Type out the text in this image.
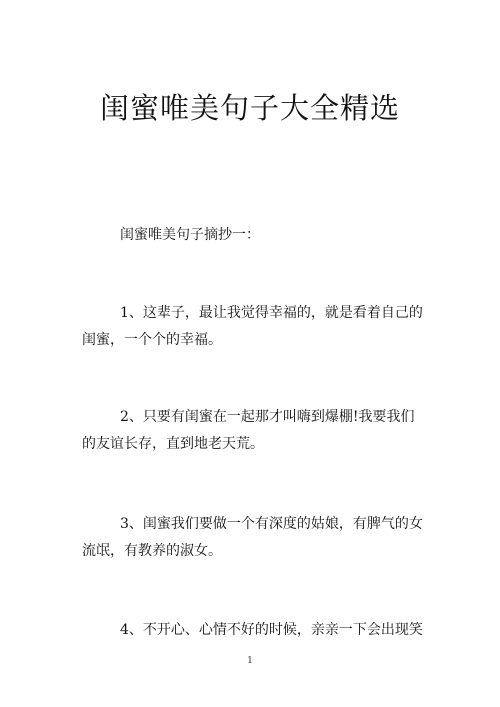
闺蜜唯美句子大全精选

闺蜜唯美句子摘抄一：

1、这辈子，最让我觉得幸福的，就是看着自己的闺蜜，一个个的幸福。

2、只要有闺蜜在一起那才叫嗨到爆棚!我要我们的友谊长存，直到地老天荒。

3、闺蜜我们要做一个有深度的姑娘，有脾气的女流氓，有教养的淑女。

4、不开心、心情不好的时候，亲亲一下会出现笑

1
